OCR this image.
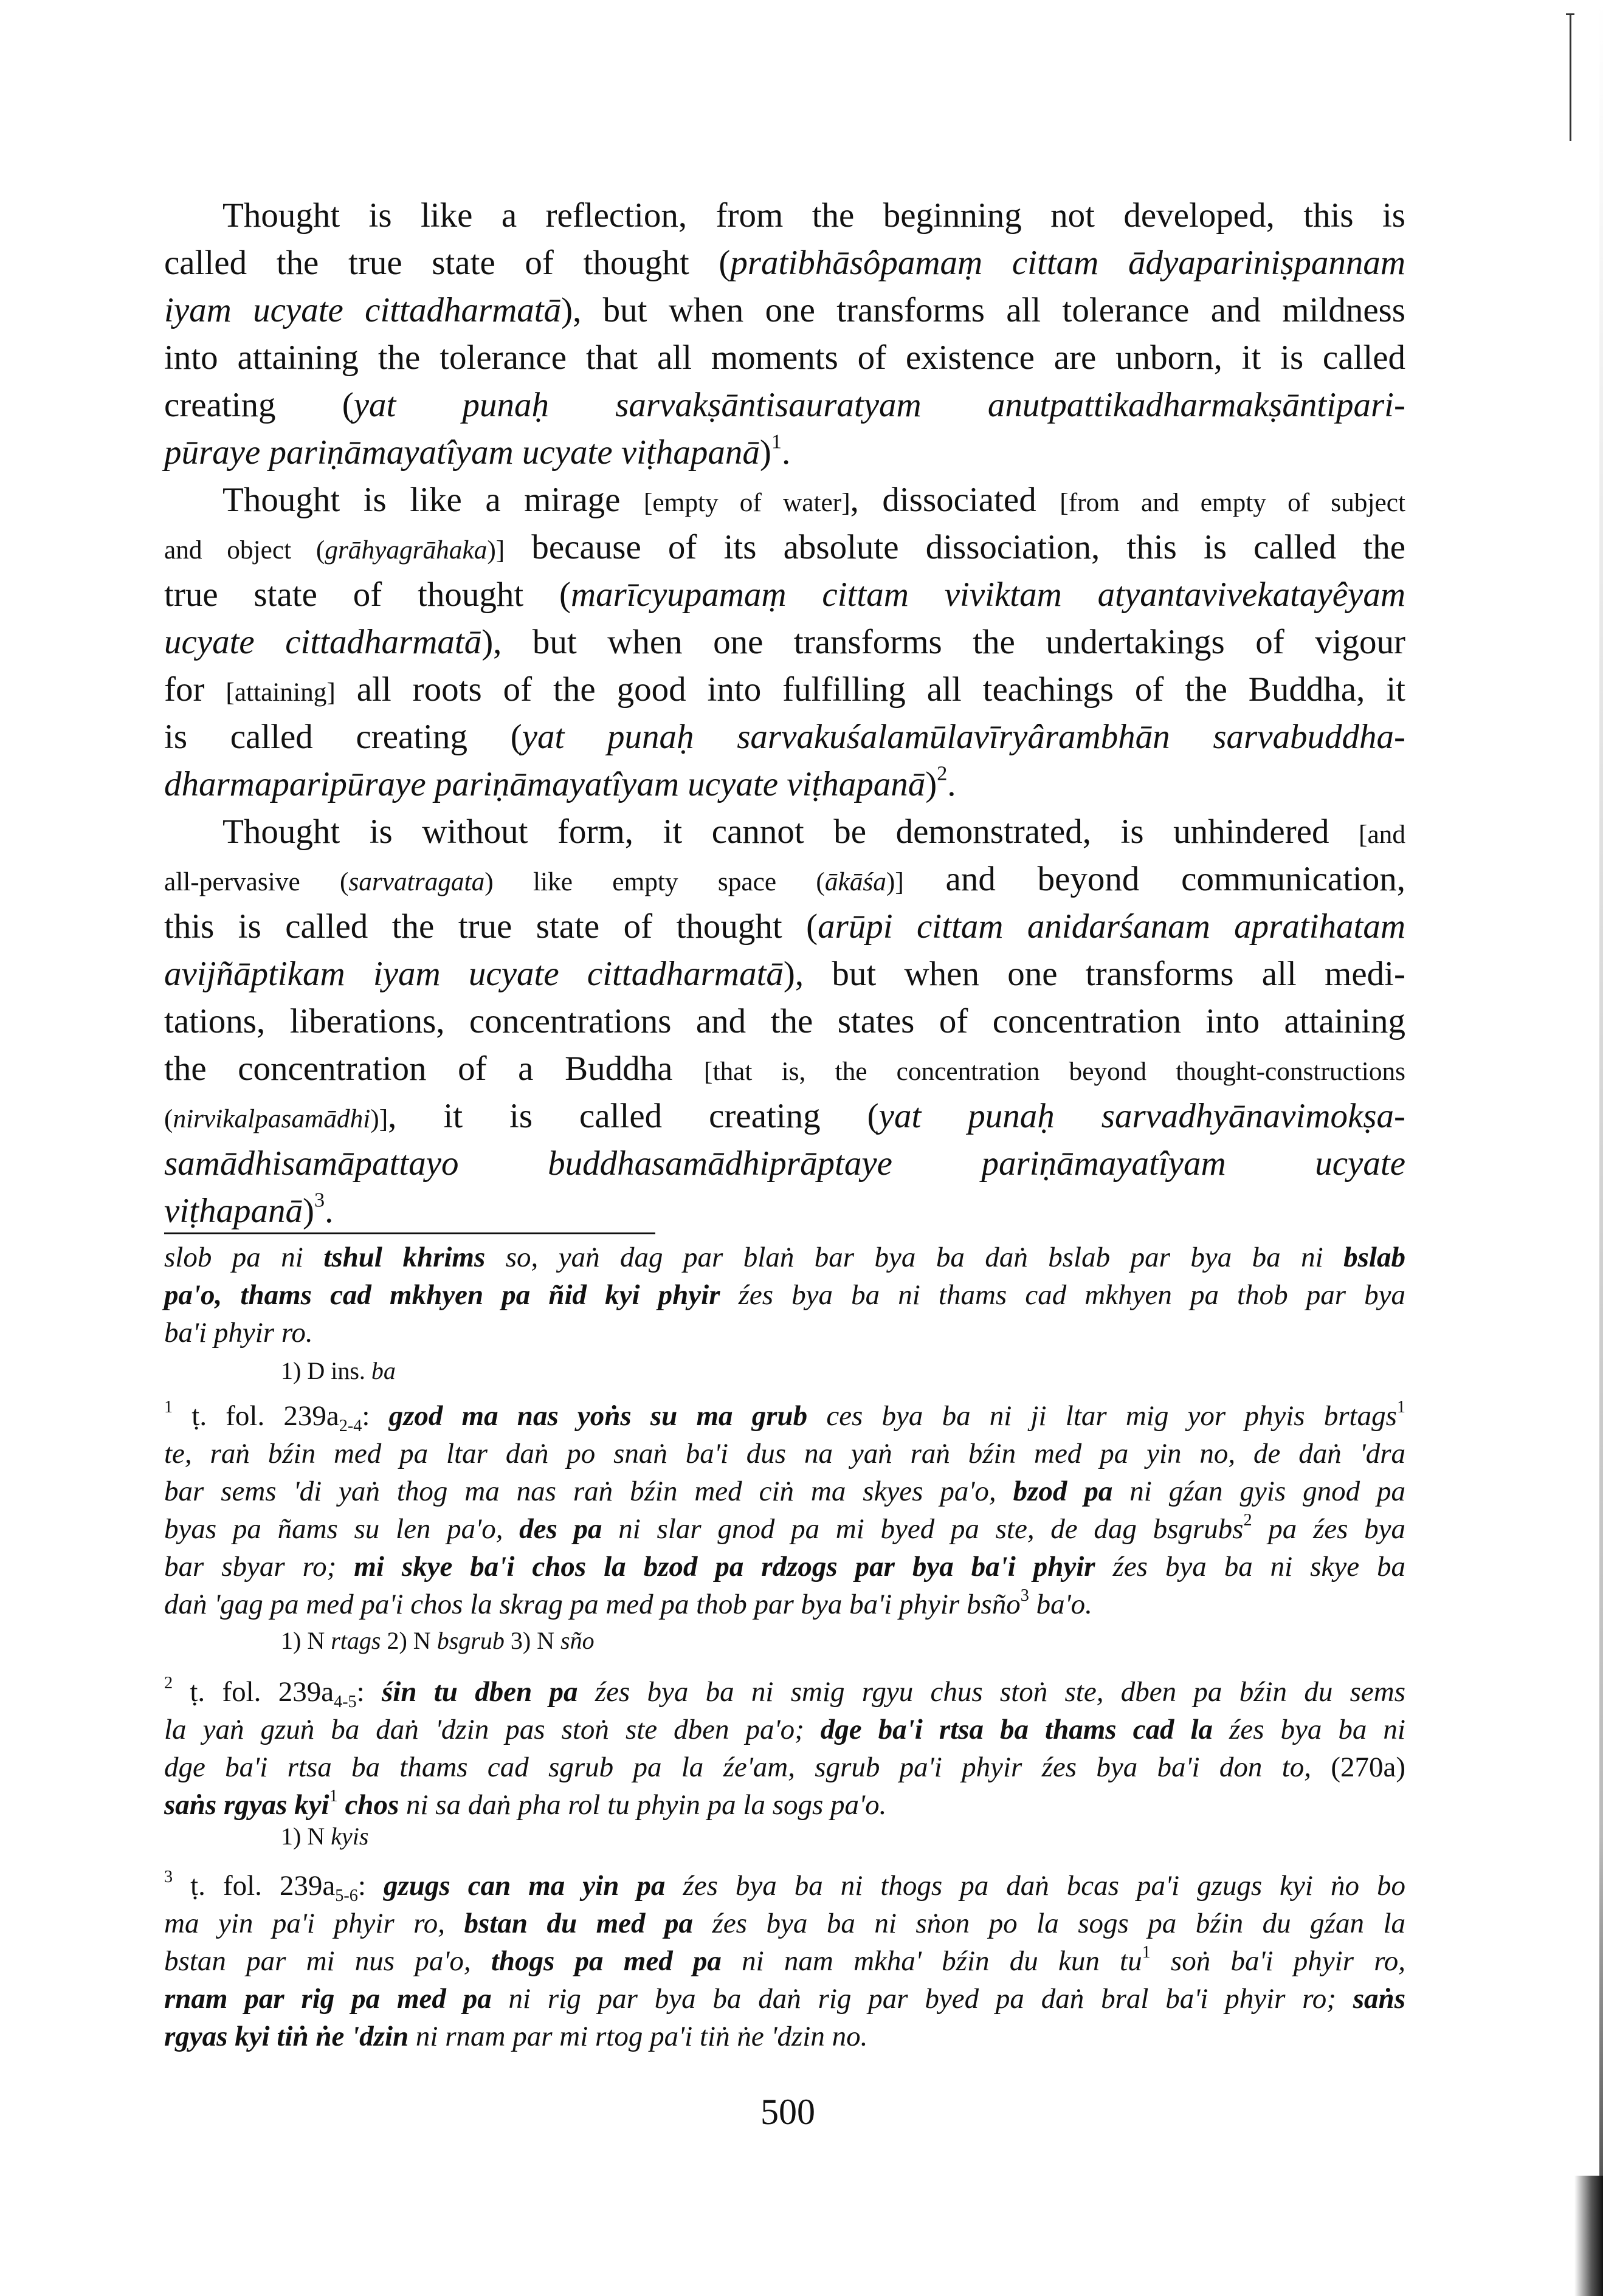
Thought is like a reflection, from the beginning not developed, this is
called the true state of thought (pratibhāsôpamaṃ cittam ādyapariniṣpannam
iyam ucyate cittadharmatā), but when one transforms all tolerance and mildness
into attaining the tolerance that all moments of existence are unborn, it is called
creating (yat punaḥ sarvakṣāntisauratyam anutpattikadharmakṣāntipari-
pūraye pariṇāmayatîyam ucyate viṭhapanā)$^1$.
Thought is like a mirage [empty of water], dissociated [from and empty of subject
and object (grāhyagrāhaka)] because of its absolute dissociation, this is called the
true state of thought (marīcyupamaṃ cittam viviktam atyantavivekatayêyam
ucyate cittadharmatā), but when one transforms the undertakings of vigour
for [attaining] all roots of the good into fulfilling all teachings of the Buddha, it
is called creating (yat punaḥ sarvakuśalamūlavīryârambhān sarvabuddha-
dharmaparipūraye pariṇāmayatîyam ucyate viṭhapanā)$^2$.
Thought is without form, it cannot be demonstrated, is unhindered [and
all-pervasive (sarvatragata) like empty space (ākāśa)] and beyond communication,
this is called the true state of thought (arūpi cittam anidarśanam apratihatam
avijñāptikam iyam ucyate cittadharmatā), but when one transforms all medi-
tations, liberations, concentrations and the states of concentration into attaining
the concentration of a Buddha [that is, the concentration beyond thought-constructions
(nirvikalpasamādhi)], it is called creating (yat punaḥ sarvadhyānavimokṣa-
samādhisamāpattayo buddhasamādhiprāptaye pariṇāmayatîyam ucyate
viṭhapanā)$^3$.
slob pa ni tshul khrims so, yaṅ dag par blaṅ bar bya ba daṅ bslab par bya ba ni bslab
pa'o, thams cad mkhyen pa ñid kyi phyir źes bya ba ni thams cad mkhyen pa thob par bya
ba'i phyir ro.
1) D ins. ba
$^1$ ṭ. fol. $239a_{2-4}$: gzod ma nas yoṅs su ma grub ces bya ba ni ji ltar mig yor phyis brtags$^1$
te, raṅ bźin med pa ltar daṅ po snaṅ ba'i dus na yaṅ raṅ bźin med pa yin no, de daṅ 'dra
bar sems 'di yaṅ thog ma nas raṅ bźin med ciṅ ma skyes pa'o, bzod pa ni gźan gyis gnod pa
byas pa ñams su len pa'o, des pa ni slar gnod pa mi byed pa ste, de dag bsgrubs$^2$ pa źes bya
bar sbyar ro; mi skye ba'i chos la bzod pa rdzogs par bya ba'i phyir źes bya ba ni skye ba
daṅ 'gag pa med pa'i chos la skrag pa med pa thob par bya ba'i phyir bsño$^3$ ba'o.
1) N rtags 2) N bsgrub 3) N sño
$^2$ ṭ. fol. $239a_{4-5}$: śin tu dben pa źes bya ba ni smig rgyu chus stoṅ ste, dben pa bźin du sems
la yaṅ gzuṅ ba daṅ 'dzin pas stoṅ ste dben pa'o; dge ba'i rtsa ba thams cad la źes bya ba ni
dge ba'i rtsa ba thams cad sgrub pa la źe'am, sgrub pa'i phyir źes bya ba'i don to, (270a)
saṅs rgyas kyi$^1$ chos ni sa daṅ pha rol tu phyin pa la sogs pa'o.
1) N kyis
$^3$ ṭ. fol. $239a_{5-6}$: gzugs can ma yin pa źes bya ba ni thogs pa daṅ bcas pa'i gzugs kyi ṅo bo
ma yin pa'i phyir ro, bstan du med pa źes bya ba ni sṅon po la sogs pa bźin du gźan la
bstan par mi nus pa'o, thogs pa med pa ni nam mkha' bźin du kun $tu^1$ soṅ ba'i phyir ro,
rnam par rig pa med pa ni rig par bya ba daṅ rig par byed pa daṅ bral ba'i phyir ro; saṅs
rgyas kyi tiṅ ṅe 'dzin ni rnam par mi rtog pa'i tiṅ ṅe 'dzin no.
500
